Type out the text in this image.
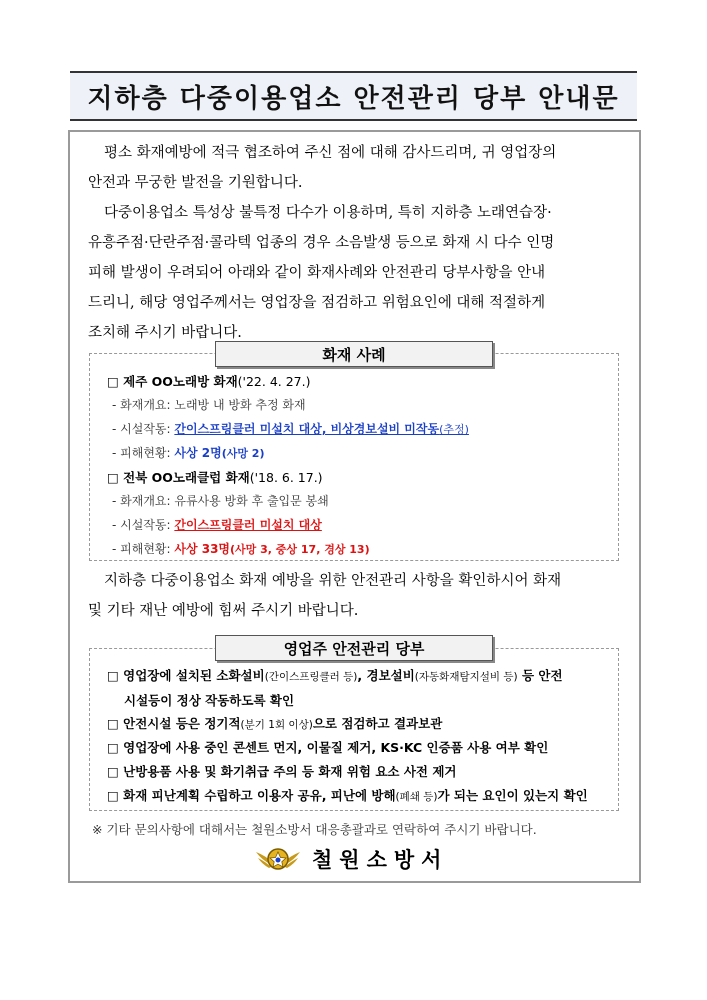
지하층 다중이용업소 안전관리 당부 안내문
평소 화재예방에 적극 협조하여 주신 점에 대해 감사드리며, 귀 영업장의
안전과 무궁한 발전을 기원합니다.
다중이용업소 특성상 불특정 다수가 이용하며, 특히 지하층 노래연습장·
유흥주점·단란주점·콜라텍 업종의 경우 소음발생 등으로 화재 시 다수 인명
피해 발생이 우려되어 아래와 같이 화재사례와 안전관리 당부사항을 안내
드리니, 해당 영업주께서는 영업장을 점검하고 위험요인에 대해 적절하게
조치해 주시기 바랍니다.
화재 사례
□ 제주 OO노래방 화재('22. 4. 27.)
- 화재개요: 노래방 내 방화 추정 화재
- 시설작동: 간이스프링클러 미설치 대상, 비상경보설비 미작동(추정)
- 피해현황: 사상 2명(사망 2)
□ 전북 OO노래클럽 화재('18. 6. 17.)
- 화재개요: 유류사용 방화 후 출입문 봉쇄
- 시설작동: 간이스프링클러 미설치 대상
- 피해현황: 사상 33명(사망 3, 중상 17, 경상 13)
지하층 다중이용업소 화재 예방을 위한 안전관리 사항을 확인하시어 화재
및 기타 재난 예방에 힘써 주시기 바랍니다.
영업주 안전관리 당부
□ 영업장에 설치된 소화설비(간이스프링클러 등), 경보설비(자동화재탐지설비 등) 등 안전
시설등이 정상 작동하도록 확인
□ 안전시설 등은 정기적(분기 1회 이상)으로 점검하고 결과보관
□ 영업장에 사용 중인 콘센트 먼지, 이물질 제거, KS·KC 인증품 사용 여부 확인
□ 난방용품 사용 및 화기취급 주의 등 화재 위험 요소 사전 제거
□ 화재 피난계획 수립하고 이용자 공유, 피난에 방해(폐쇄 등)가 되는 요인이 있는지 확인
※ 기타 문의사항에 대해서는 철원소방서 대응총괄과로 연락하여 주시기 바랍니다.
철원소방서
